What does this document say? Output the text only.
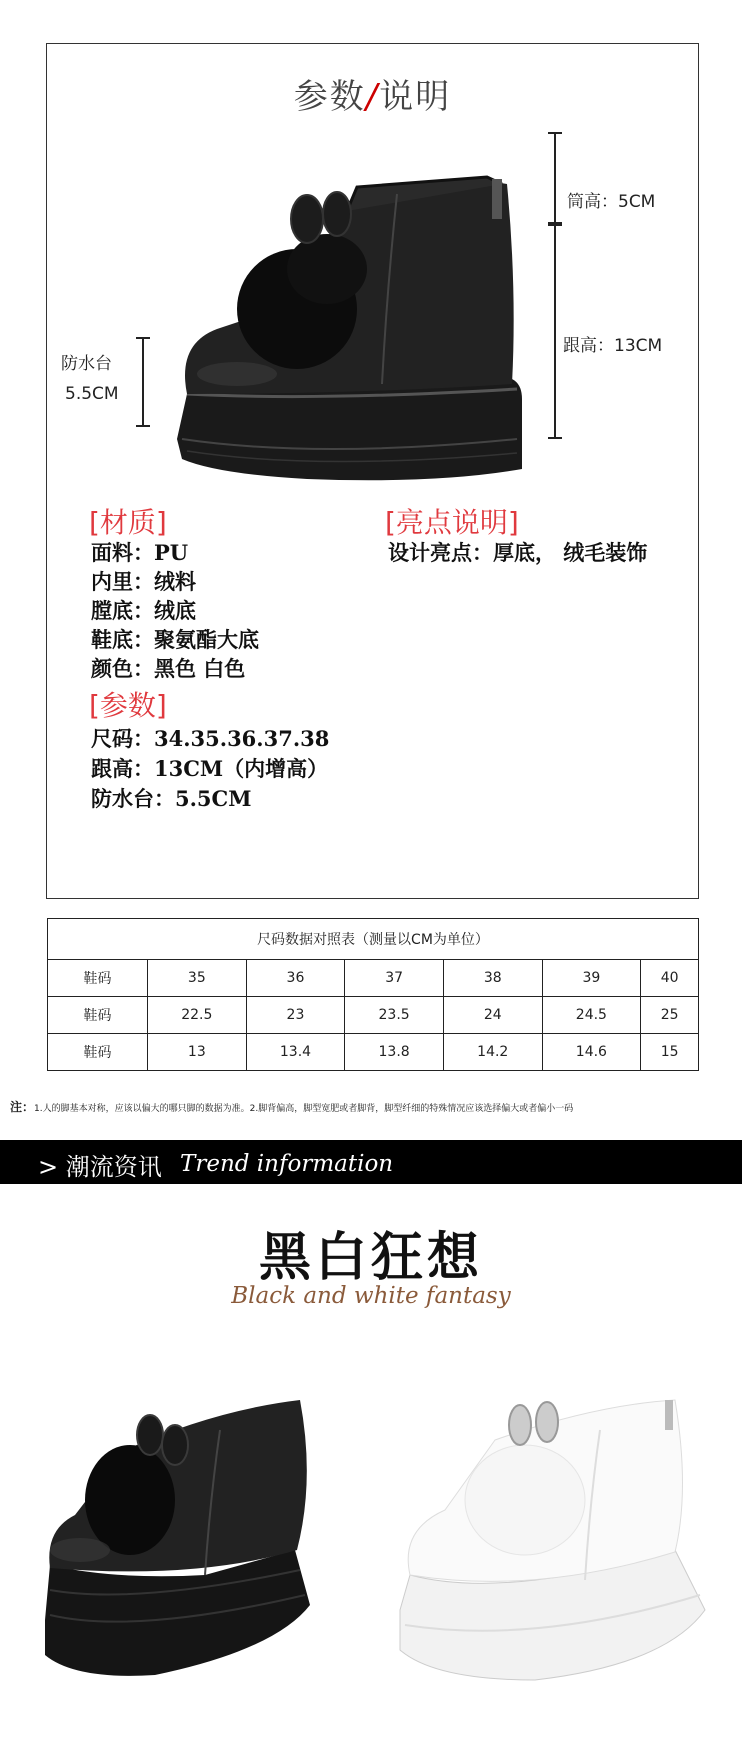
参数/说明
防水台
5.5CM
筒高：5CM
跟高：13CM
[材质]
面料：PU
内里：绒料
膛底：绒底
鞋底：聚氨酯大底
颜色：黑色 白色
[亮点说明]
设计亮点：厚底， 绒毛装饰
[参数]
尺码：34.35.36.37.38
跟高：13CM（内增高）
防水台：5.5CM
尺码数据对照表（测量以CM为单位）						
鞋码	35	36	37	38	39	40
鞋码	22.5	23	23.5	24	24.5	25
鞋码	13	13.4	13.8	14.2	14.6	15
注：1.人的脚基本对称，应该以偏大的哪只脚的数据为准。2.脚背偏高，脚型宽肥或者脚背，脚型纤细的特殊情况应该选择偏大或者偏小一码
> 潮流资讯 Trend information
黑白狂想
Black and white fantasy
